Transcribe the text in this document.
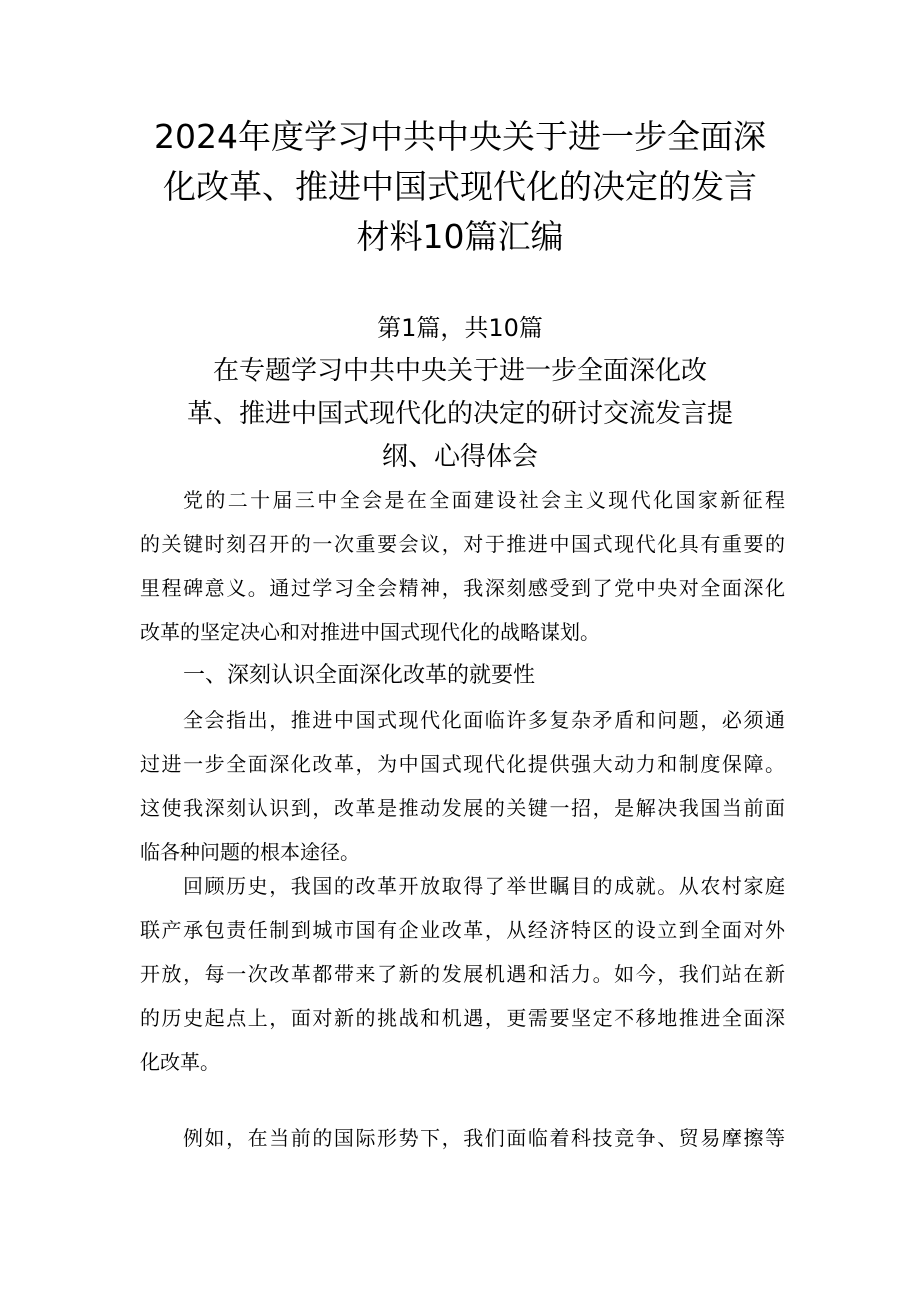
2024年度学习中共中央关于进一步全面深
化改革、推进中国式现代化的决定的发言
材料10篇汇编

第1篇，共10篇

在专题学习中共中央关于进一步全面深化改
革、推进中国式现代化的决定的研讨交流发言提
纲、心得体会

党的二十届三中全会是在全面建设社会主义现代化国家新征程
的关键时刻召开的一次重要会议，对于推进中国式现代化具有重要的
里程碑意义。通过学习全会精神，我深刻感受到了党中央对全面深化
改革的坚定决心和对推进中国式现代化的战略谋划。

一、深刻认识全面深化改革的就要性

全会指出，推进中国式现代化面临许多复杂矛盾和问题，必须通
过进一步全面深化改革，为中国式现代化提供强大动力和制度保障。
这使我深刻认识到，改革是推动发展的关键一招，是解决我国当前面
临各种问题的根本途径。

回顾历史，我国的改革开放取得了举世瞩目的成就。从农村家庭
联产承包责任制到城市国有企业改革，从经济特区的设立到全面对外
开放，每一次改革都带来了新的发展机遇和活力。如今，我们站在新
的历史起点上，面对新的挑战和机遇，更需要坚定不移地推进全面深
化改革。

例如，在当前的国际形势下，我们面临着科技竞争、贸易摩擦等
